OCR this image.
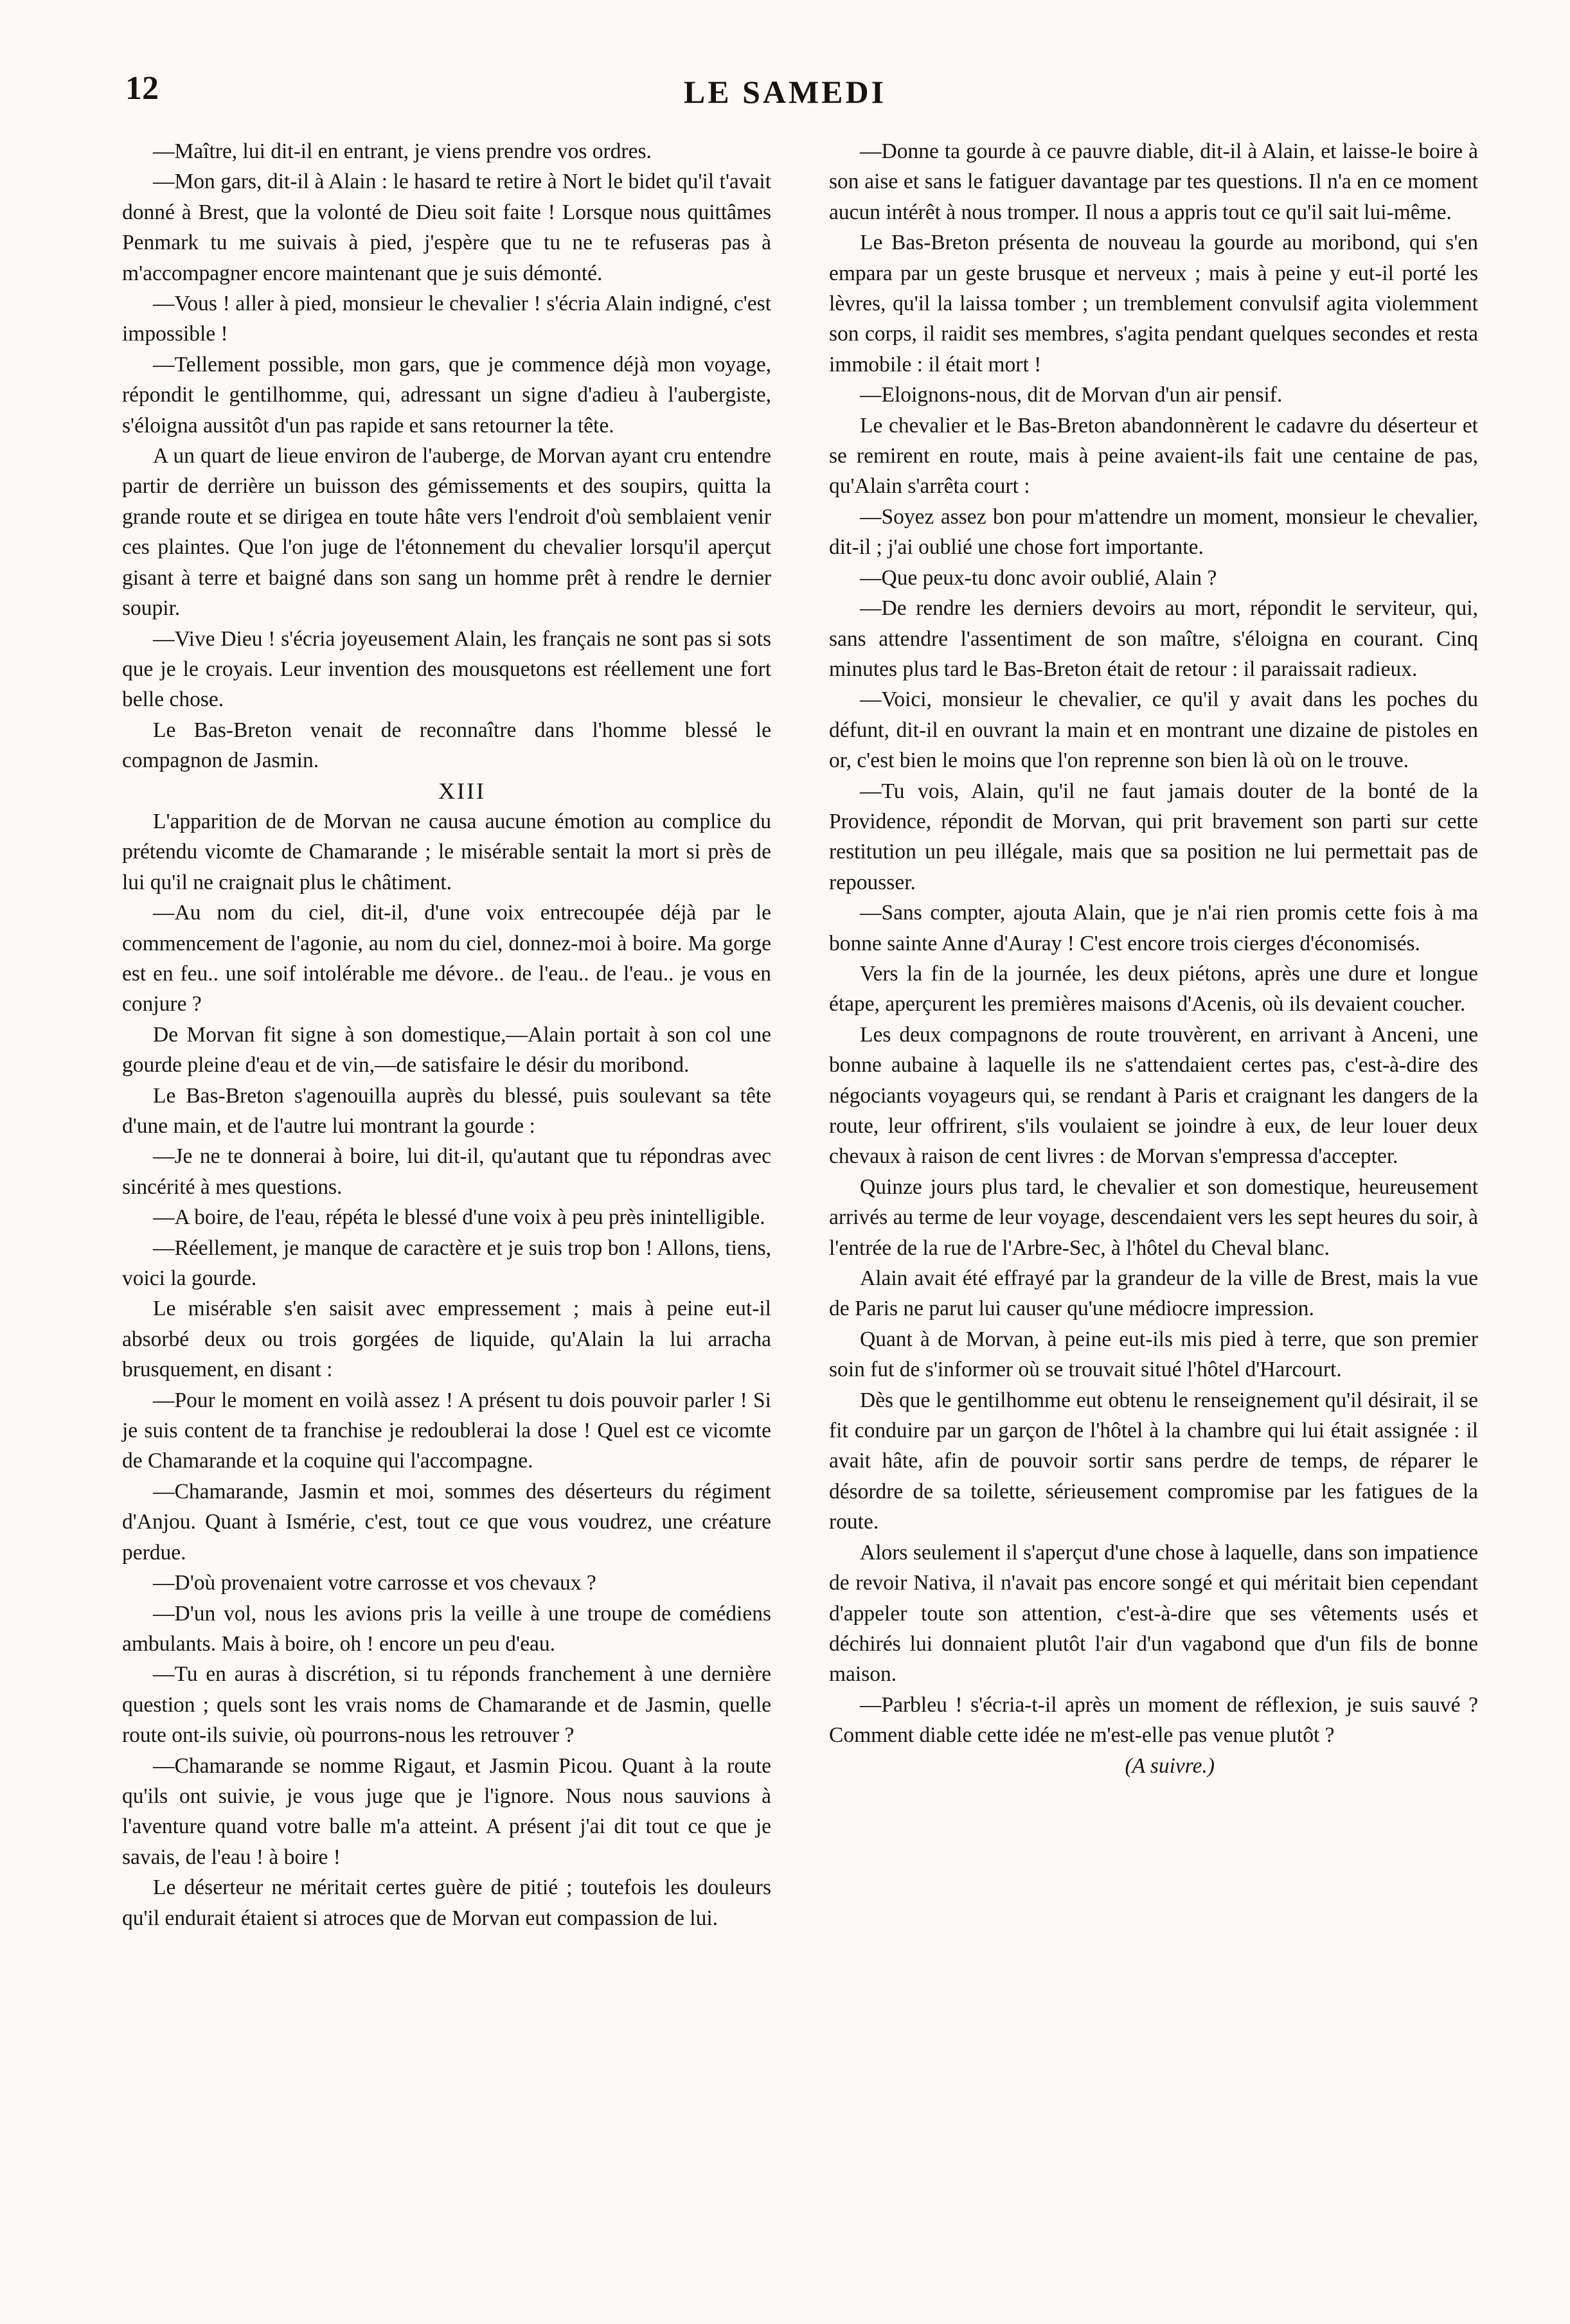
12	LE SAMEDI

—Maître, lui dit-il en entrant, je viens prendre vos ordres.

—Mon gars, dit-il à Alain : le hasard te retire à Nort le bidet qu'il t'avait donné à Brest, que la volonté de Dieu soit faite ! Lorsque nous quittâmes Penmark tu me suivais à pied, j'espère que tu ne te refuseras pas à m'accompagner encore maintenant que je suis démonté.

—Vous ! aller à pied, monsieur le chevalier ! s'écria Alain indigné, c'est impossible !

—Tellement possible, mon gars, que je commence déjà mon voyage, répondit le gentilhomme, qui, adressant un signe d'adieu à l'aubergiste, s'éloigna aussitôt d'un pas rapide et sans retourner la tête.

A un quart de lieue environ de l'auberge, de Morvan ayant cru entendre partir de derrière un buisson des gémissements et des soupirs, quitta la grande route et se dirigea en toute hâte vers l'endroit d'où semblaient venir ces plaintes. Que l'on juge de l'étonnement du chevalier lorsqu'il aperçut gisant à terre et baigné dans son sang un homme prêt à rendre le dernier soupir.

—Vive Dieu ! s'écria joyeusement Alain, les français ne sont pas si sots que je le croyais. Leur invention des mousquetons est réellement une fort belle chose.

Le Bas-Breton venait de reconnaître dans l'homme blessé le compagnon de Jasmin.

XIII

L'apparition de de Morvan ne causa aucune émotion au complice du prétendu vicomte de Chamarande ; le misérable sentait la mort si près de lui qu'il ne craignait plus le châtiment.

—Au nom du ciel, dit-il, d'une voix entrecoupée déjà par le commencement de l'agonie, au nom du ciel, donnez-moi à boire. Ma gorge est en feu.. une soif intolérable me dévore.. de l'eau.. de l'eau.. je vous en conjure ?

De Morvan fit signe à son domestique,—Alain portait à son col une gourde pleine d'eau et de vin,—de satisfaire le désir du moribond.

Le Bas-Breton s'agenouilla auprès du blessé, puis soulevant sa tête d'une main, et de l'autre lui montrant la gourde :

—Je ne te donnerai à boire, lui dit-il, qu'autant que tu répondras avec sincérité à mes questions.

—A boire, de l'eau, répéta le blessé d'une voix à peu près inintelligible.

—Réellement, je manque de caractère et je suis trop bon ! Allons, tiens, voici la gourde.

Le misérable s'en saisit avec empressement ; mais à peine eut-il absorbé deux ou trois gorgées de liquide, qu'Alain la lui arracha brusquement, en disant :

—Pour le moment en voilà assez ! A présent tu dois pouvoir parler ! Si je suis content de ta franchise je redoublerai la dose ! Quel est ce vicomte de Chamarande et la coquine qui l'accompagne.

—Chamarande, Jasmin et moi, sommes des déserteurs du régiment d'Anjou. Quant à Ismérie, c'est, tout ce que vous voudrez, une créature perdue.

—D'où provenaient votre carrosse et vos chevaux ?

—D'un vol, nous les avions pris la veille à une troupe de comédiens ambulants. Mais à boire, oh ! encore un peu d'eau.

—Tu en auras à discrétion, si tu réponds franchement à une dernière question ; quels sont les vrais noms de Chamarande et de Jasmin, quelle route ont-ils suivie, où pourrons-nous les retrouver ?

—Chamarande se nomme Rigaut, et Jasmin Picou. Quant à la route qu'ils ont suivie, je vous juge que je l'ignore. Nous nous sauvions à l'aventure quand votre balle m'a atteint. A présent j'ai dit tout ce que je savais, de l'eau ! à boire !

Le déserteur ne méritait certes guère de pitié ; toutefois les douleurs qu'il endurait étaient si atroces que de Morvan eut compassion de lui.

—Donne ta gourde à ce pauvre diable, dit-il à Alain, et laisse-le boire à son aise et sans le fatiguer davantage par tes questions. Il n'a en ce moment aucun intérêt à nous tromper. Il nous a appris tout ce qu'il sait lui-même.

Le Bas-Breton présenta de nouveau la gourde au moribond, qui s'en empara par un geste brusque et nerveux ; mais à peine y eut-il porté les lèvres, qu'il la laissa tomber ; un tremblement convulsif agita violemment son corps, il raidit ses membres, s'agita pendant quelques secondes et resta immobile : il était mort !

—Eloignons-nous, dit de Morvan d'un air pensif.

Le chevalier et le Bas-Breton abandonnèrent le cadavre du déserteur et se remirent en route, mais à peine avaient-ils fait une centaine de pas, qu'Alain s'arrêta court :

—Soyez assez bon pour m'attendre un moment, monsieur le chevalier, dit-il ; j'ai oublié une chose fort importante.

—Que peux-tu donc avoir oublié, Alain ?

—De rendre les derniers devoirs au mort, répondit le serviteur, qui, sans attendre l'assentiment de son maître, s'éloigna en courant. Cinq minutes plus tard le Bas-Breton était de retour : il paraissait radieux.

—Voici, monsieur le chevalier, ce qu'il y avait dans les poches du défunt, dit-il en ouvrant la main et en montrant une dizaine de pistoles en or, c'est bien le moins que l'on reprenne son bien là où on le trouve.

—Tu vois, Alain, qu'il ne faut jamais douter de la bonté de la Providence, répondit de Morvan, qui prit bravement son parti sur cette restitution un peu illégale, mais que sa position ne lui permettait pas de repousser.

—Sans compter, ajouta Alain, que je n'ai rien promis cette fois à ma bonne sainte Anne d'Auray ! C'est encore trois cierges d'économisés.

Vers la fin de la journée, les deux piétons, après une dure et longue étape, aperçurent les premières maisons d'Acenis, où ils devaient coucher.

Les deux compagnons de route trouvèrent, en arrivant à Anceni, une bonne aubaine à laquelle ils ne s'attendaient certes pas, c'est-à-dire des négociants voyageurs qui, se rendant à Paris et craignant les dangers de la route, leur offrirent, s'ils voulaient se joindre à eux, de leur louer deux chevaux à raison de cent livres : de Morvan s'empressa d'accepter.

Quinze jours plus tard, le chevalier et son domestique, heureusement arrivés au terme de leur voyage, descendaient vers les sept heures du soir, à l'entrée de la rue de l'Arbre-Sec, à l'hôtel du Cheval blanc.

Alain avait été effrayé par la grandeur de la ville de Brest, mais la vue de Paris ne parut lui causer qu'une médiocre impression.

Quant à de Morvan, à peine eut-ils mis pied à terre, que son premier soin fut de s'informer où se trouvait situé l'hôtel d'Harcourt.

Dès que le gentilhomme eut obtenu le renseignement qu'il désirait, il se fit conduire par un garçon de l'hôtel à la chambre qui lui était assignée : il avait hâte, afin de pouvoir sortir sans perdre de temps, de réparer le désordre de sa toilette, sérieusement compromise par les fatigues de la route.

Alors seulement il s'aperçut d'une chose à laquelle, dans son impatience de revoir Nativa, il n'avait pas encore songé et qui méritait bien cependant d'appeler toute son attention, c'est-à-dire que ses vêtements usés et déchirés lui donnaient plutôt l'air d'un vagabond que d'un fils de bonne maison.

—Parbleu ! s'écria-t-il après un moment de réflexion, je suis sauvé ? Comment diable cette idée ne m'est-elle pas venue plutôt ?

(A suivre.)
